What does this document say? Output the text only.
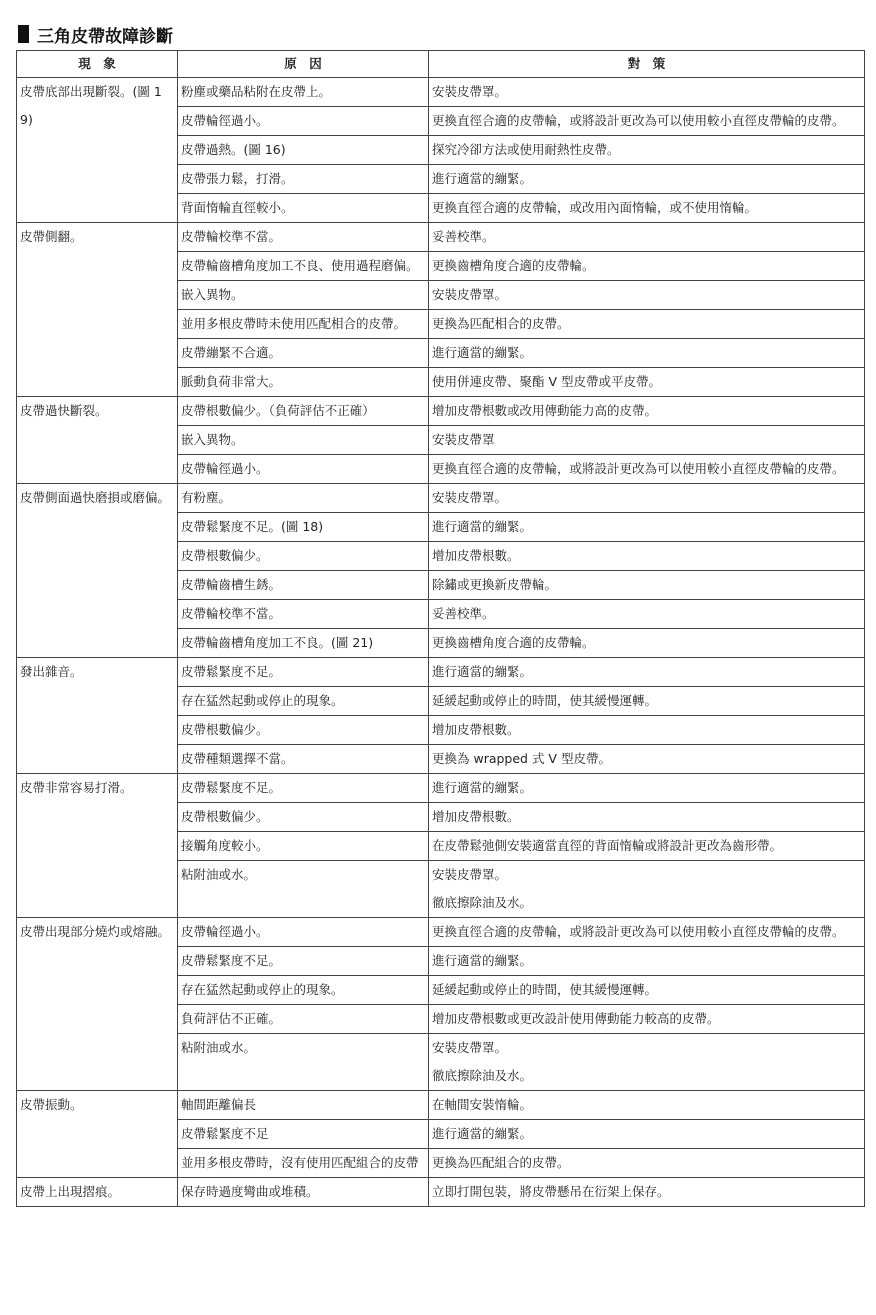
三角皮帶故障診斷
現　象	原　因	對　策
皮帶底部出現斷裂。(圖 19)	粉塵或藥品粘附在皮帶上。	安裝皮帶罩。
	皮帶輪徑過小。	更換直徑合適的皮帶輪，或將設計更改為可以使用較小直徑皮帶輪的皮帶。
	皮帶過熱。(圖 16)	探究冷卻方法或使用耐熱性皮帶。
	皮帶張力鬆，打滑。	進行適當的繃緊。
	背面惰輪直徑較小。	更換直徑合適的皮帶輪，或改用內面惰輪，或不使用惰輪。
皮帶側翻。	皮帶輪校準不當。	妥善校準。
	皮帶輪齒槽角度加工不良、使用過程磨偏。	更換齒槽角度合適的皮帶輪。
	嵌入異物。	安裝皮帶罩。
	並用多根皮帶時未使用匹配相合的皮帶。	更換為匹配相合的皮帶。
	皮帶繃緊不合適。	進行適當的繃緊。
	脈動負荷非常大。	使用併連皮帶、聚酯 V 型皮帶或平皮帶。
皮帶過快斷裂。	皮帶根數偏少。（負荷評估不正確）	增加皮帶根數或改用傳動能力高的皮帶。
	嵌入異物。	安裝皮帶罩
	皮帶輪徑過小。	更換直徑合適的皮帶輪，或將設計更改為可以使用較小直徑皮帶輪的皮帶。
皮帶側面過快磨損或磨偏。	有粉塵。	安裝皮帶罩。
	皮帶鬆緊度不足。(圖 18)	進行適當的繃緊。
	皮帶根數偏少。	增加皮帶根數。
	皮帶輪齒槽生銹。	除鏽或更換新皮帶輪。
	皮帶輪校準不當。	妥善校準。
	皮帶輪齒槽角度加工不良。(圖 21)	更換齒槽角度合適的皮帶輪。
發出雜音。	皮帶鬆緊度不足。	進行適當的繃緊。
	存在猛然起動或停止的現象。	延緩起動或停止的時間，使其緩慢運轉。
	皮帶根數偏少。	增加皮帶根數。
	皮帶種類選擇不當。	更換為 wrapped 式 V 型皮帶。
皮帶非常容易打滑。	皮帶鬆緊度不足。	進行適當的繃緊。
	皮帶根數偏少。	增加皮帶根數。
	接觸角度較小。	在皮帶鬆弛側安裝適當直徑的背面惰輪或將設計更改為齒形帶。
	粘附油或水。	安裝皮帶罩。
徹底擦除油及水。
皮帶出現部分燒灼或熔融。	皮帶輪徑過小。	更換直徑合適的皮帶輪，或將設計更改為可以使用較小直徑皮帶輪的皮帶。
	皮帶鬆緊度不足。	進行適當的繃緊。
	存在猛然起動或停止的現象。	延緩起動或停止的時間，使其緩慢運轉。
	負荷評估不正確。	增加皮帶根數或更改設計使用傳動能力較高的皮帶。
	粘附油或水。	安裝皮帶罩。
徹底擦除油及水。
皮帶振動。	軸間距離偏長	在軸間安裝惰輪。
	皮帶鬆緊度不足	進行適當的繃緊。
	並用多根皮帶時，沒有使用匹配組合的皮帶	更換為匹配組合的皮帶。
皮帶上出現摺痕。	保存時過度彎曲或堆積。	立即打開包裝，將皮帶懸吊在衍架上保存。
